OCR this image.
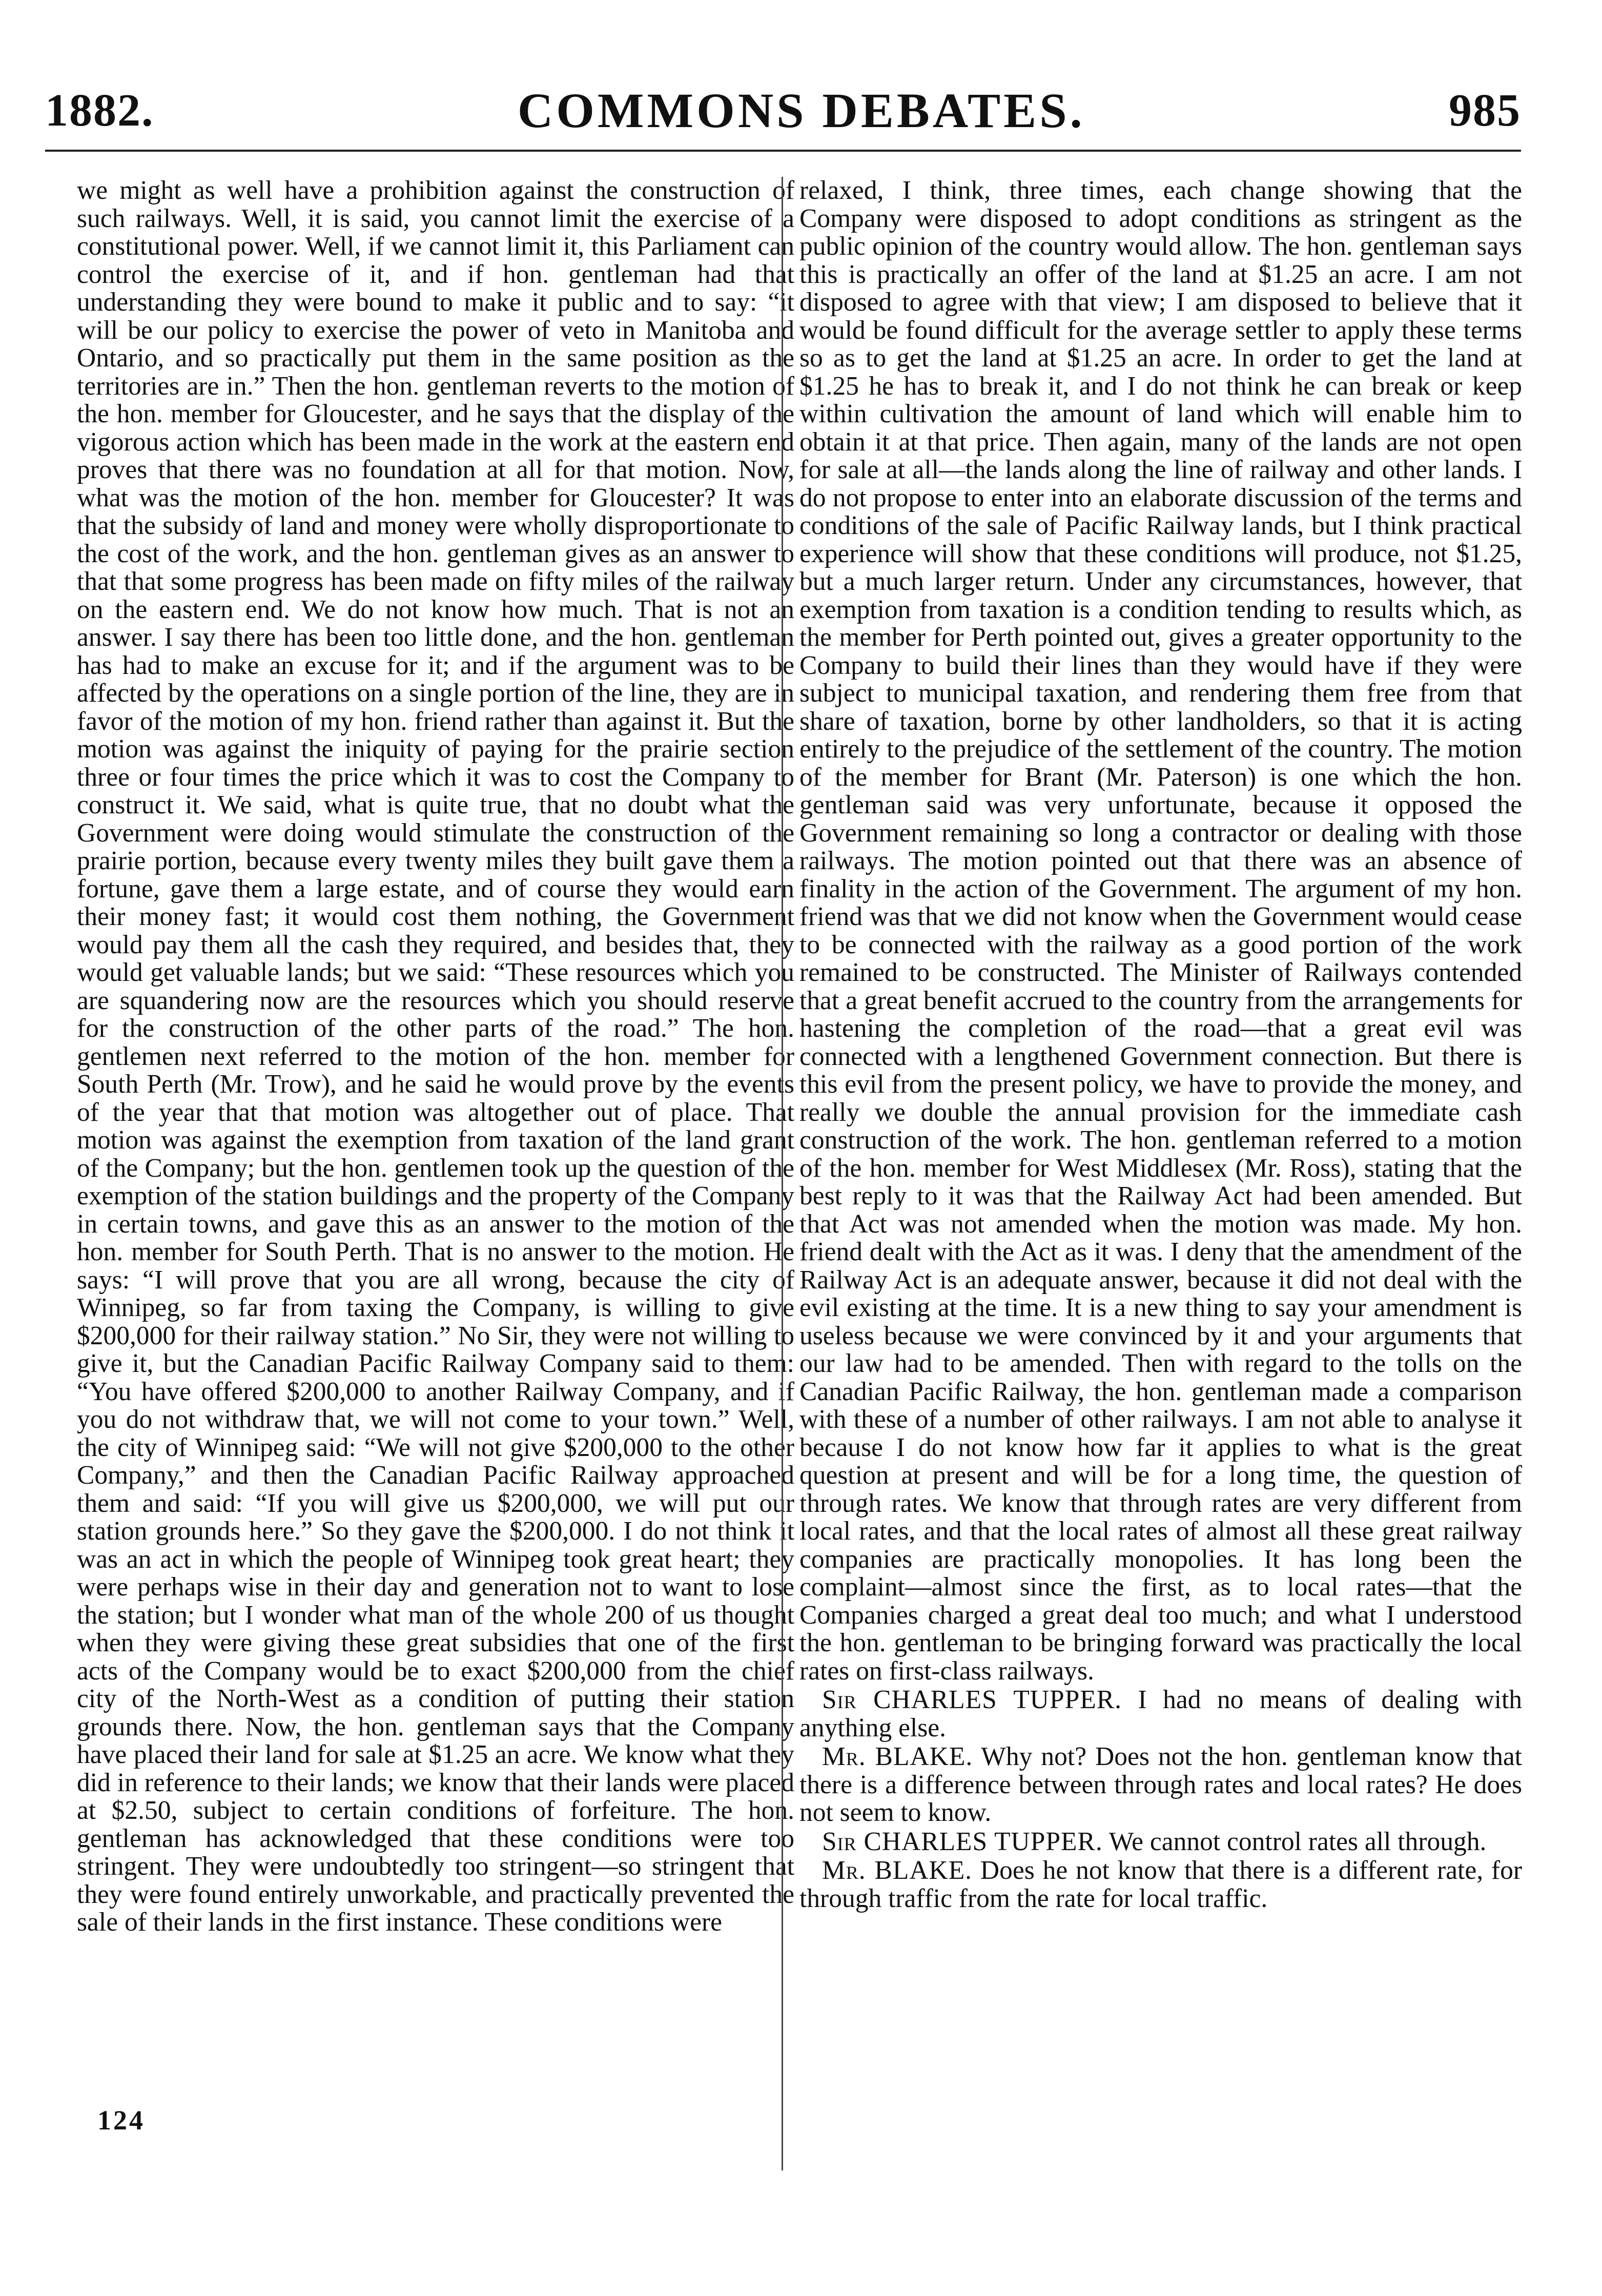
1882.	COMMONS DEBATES.	985

we might as well have a prohibition against the construction of such railways. Well, it is said, you cannot limit the exercise of a constitutional power. Well, if we cannot limit it, this Parliament can control the exercise of it, and if hon. gentleman had that understanding they were bound to make it public and to say: “it will be our policy to exercise the power of veto in Manitoba and Ontario, and so practically put them in the same position as the territories are in.” Then the hon. gentleman reverts to the motion of the hon. member for Gloucester, and he says that the display of the vigorous action which has been made in the work at the eastern end proves that there was no foundation at all for that motion. Now, what was the motion of the hon. member for Gloucester? It was that the subsidy of land and money were wholly disproportionate to the cost of the work, and the hon. gentleman gives as an answer to that that some progress has been made on fifty miles of the railway on the eastern end. We do not know how much. That is not an answer. I say there has been too little done, and the hon. gentleman has had to make an excuse for it; and if the argument was to be affected by the operations on a single portion of the line, they are in favor of the motion of my hon. friend rather than against it. But the motion was against the iniquity of paying for the prairie section three or four times the price which it was to cost the Company to construct it. We said, what is quite true, that no doubt what the Government were doing would stimulate the construction of the prairie portion, because every twenty miles they built gave them a fortune, gave them a large estate, and of course they would earn their money fast; it would cost them nothing, the Government would pay them all the cash they required, and besides that, they would get valuable lands; but we said: “These resources which you are squandering now are the resources which you should reserve for the construction of the other parts of the road.” The hon. gentlemen next referred to the motion of the hon. member for South Perth (Mr. Trow), and he said he would prove by the events of the year that that motion was altogether out of place. That motion was against the exemption from taxation of the land grant of the Company; but the hon. gentlemen took up the question of the exemption of the station buildings and the property of the Company in certain towns, and gave this as an answer to the motion of the hon. member for South Perth. That is no answer to the motion. He says: “I will prove that you are all wrong, because the city of Winnipeg, so far from taxing the Company, is willing to give $200,000 for their railway station.” No Sir, they were not willing to give it, but the Canadian Pacific Railway Company said to them: “You have offered $200,000 to another Railway Company, and if you do not withdraw that, we will not come to your town.” Well, the city of Winnipeg said: “We will not give $200,000 to the other Company,” and then the Canadian Pacific Railway approached them and said: “If you will give us $200,000, we will put our station grounds here.” So they gave the $200,000. I do not think it was an act in which the people of Winnipeg took great heart; they were perhaps wise in their day and generation not to want to lose the station; but I wonder what man of the whole 200 of us thought when they were giving these great subsidies that one of the first acts of the Company would be to exact $200,000 from the chief city of the North-West as a condition of putting their station grounds there. Now, the hon. gentleman says that the Company have placed their land for sale at $1.25 an acre. We know what they did in reference to their lands; we know that their lands were placed at $2.50, subject to certain conditions of forfeiture. The hon. gentleman has acknowledged that these conditions were too stringent. They were undoubtedly too stringent—so stringent that they were found entirely unworkable, and practically prevented the sale of their lands in the first instance. These conditions were

relaxed, I think, three times, each change showing that the Company were disposed to adopt conditions as stringent as the public opinion of the country would allow. The hon. gentleman says this is practically an offer of the land at $1.25 an acre. I am not disposed to agree with that view; I am disposed to believe that it would be found difficult for the average settler to apply these terms so as to get the land at $1.25 an acre. In order to get the land at $1.25 he has to break it, and I do not think he can break or keep within cultivation the amount of land which will enable him to obtain it at that price. Then again, many of the lands are not open for sale at all—the lands along the line of railway and other lands. I do not propose to enter into an elaborate discussion of the terms and conditions of the sale of Pacific Railway lands, but I think practical experience will show that these conditions will produce, not $1.25, but a much larger return. Under any circumstances, however, that exemption from taxation is a condition tending to results which, as the member for Perth pointed out, gives a greater opportunity to the Company to build their lines than they would have if they were subject to municipal taxation, and rendering them free from that share of taxation, borne by other landholders, so that it is acting entirely to the prejudice of the settlement of the country. The motion of the member for Brant (Mr. Paterson) is one which the hon. gentleman said was very unfortunate, because it opposed the Government remaining so long a contractor or dealing with those railways. The motion pointed out that there was an absence of finality in the action of the Government. The argument of my hon. friend was that we did not know when the Government would cease to be connected with the railway as a good portion of the work remained to be constructed. The Minister of Railways contended that a great benefit accrued to the country from the arrangements for hastening the completion of the road—that a great evil was connected with a lengthened Government connection. But there is this evil from the present policy, we have to provide the money, and really we double the annual provision for the immediate cash construction of the work. The hon. gentleman referred to a motion of the hon. member for West Middlesex (Mr. Ross), stating that the best reply to it was that the Railway Act had been amended. But that Act was not amended when the motion was made. My hon. friend dealt with the Act as it was. I deny that the amendment of the Railway Act is an adequate answer, because it did not deal with the evil existing at the time. It is a new thing to say your amendment is useless because we were convinced by it and your arguments that our law had to be amended. Then with regard to the tolls on the Canadian Pacific Railway, the hon. gentleman made a comparison with these of a number of other railways. I am not able to analyse it because I do not know how far it applies to what is the great question at present and will be for a long time, the question of through rates. We know that through rates are very different from local rates, and that the local rates of almost all these great railway companies are practically monopolies. It has long been the complaint—almost since the first, as to local rates—that the Companies charged a great deal too much; and what I understood the hon. gentleman to be bringing forward was practically the local rates on first-class railways.

Sir CHARLES TUPPER. I had no means of dealing with anything else.

Mr. BLAKE. Why not? Does not the hon. gentleman know that there is a difference between through rates and local rates? He does not seem to know.

Sir CHARLES TUPPER. We cannot control rates all through.

Mr. BLAKE. Does he not know that there is a different rate, for through traffic from the rate for local traffic.

124
